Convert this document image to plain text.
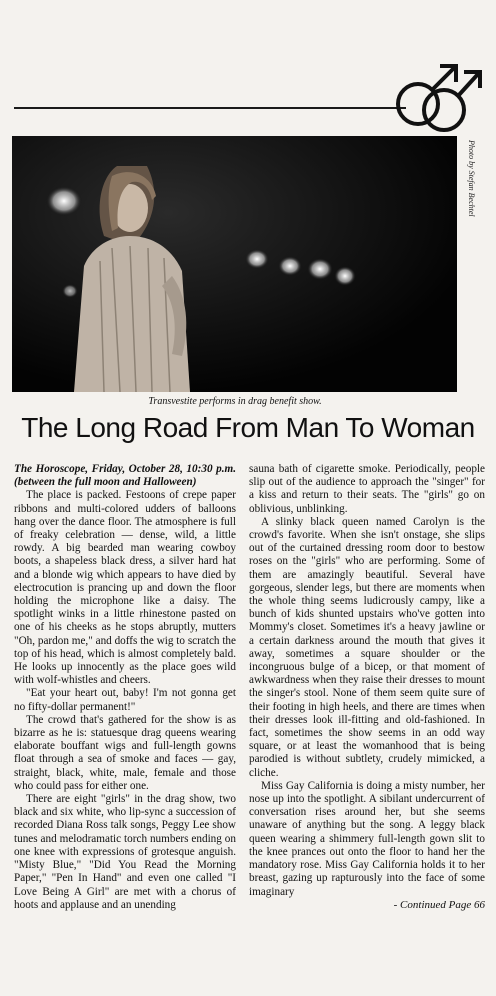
Photo by Stefan Bechtel
Transvestite performs in drag benefit show.
The Long Road From Man To Woman

The Horoscope, Friday, October 28, 10:30 p.m. (between the full moon and Halloween)

The place is packed. Festoons of crepe paper ribbons and multi-colored udders of balloons hang over the dance floor. The atmosphere is full of freaky celebration — dense, wild, a little rowdy. A big bearded man wearing cowboy boots, a shapeless black dress, a silver hard hat and a blonde wig which appears to have died by electrocution is prancing up and down the floor holding the microphone like a daisy. The spotlight winks in a little rhinestone pasted on one of his cheeks as he stops abruptly, mutters "Oh, pardon me," and doffs the wig to scratch the top of his head, which is almost completely bald. He looks up innocently as the place goes wild with wolf-whistles and cheers.

"Eat your heart out, baby! I'm not gonna get no fifty-dollar permanent!"

The crowd that's gathered for the show is as bizarre as he is: statuesque drag queens wearing elaborate bouffant wigs and full-length gowns float through a sea of smoke and faces — gay, straight, black, white, male, female and those who could pass for either one.

There are eight "girls" in the drag show, two black and six white, who lip-sync a succession of recorded Diana Ross talk songs, Peggy Lee show tunes and melodramatic torch numbers ending on one knee with expressions of grotesque anguish. "Misty Blue," "Did You Read the Morning Paper," "Pen In Hand" and even one called "I Love Being A Girl" are met with a chorus of hoots and applause and an unending

sauna bath of cigarette smoke. Periodically, people slip out of the audience to approach the "singer" for a kiss and return to their seats. The "girls" go on oblivious, unblinking.

A slinky black queen named Carolyn is the crowd's favorite. When she isn't onstage, she slips out of the curtained dressing room door to bestow roses on the "girls" who are performing. Some of them are amazingly beautiful. Several have gorgeous, slender legs, but there are moments when the whole thing seems ludicrously campy, like a bunch of kids shunted upstairs who've gotten into Mommy's closet. Sometimes it's a heavy jawline or a certain darkness around the mouth that gives it away, sometimes a square shoulder or the incongruous bulge of a bicep, or that moment of awkwardness when they raise their dresses to mount the singer's stool. None of them seem quite sure of their footing in high heels, and there are times when their dresses look ill-fitting and old-fashioned. In fact, sometimes the show seems in an odd way square, or at least the womanhood that is being parodied is without subtlety, crudely mimicked, a cliche.

Miss Gay California is doing a misty number, her nose up into the spotlight. A sibilant undercurrent of conversation rises around her, but she seems unaware of anything but the song. A leggy black queen wearing a shimmery full-length gown slit to the knee prances out onto the floor to hand her the mandatory rose. Miss Gay California holds it to her breast, gazing up rapturously into the face of some imaginary

- Continued Page 66
